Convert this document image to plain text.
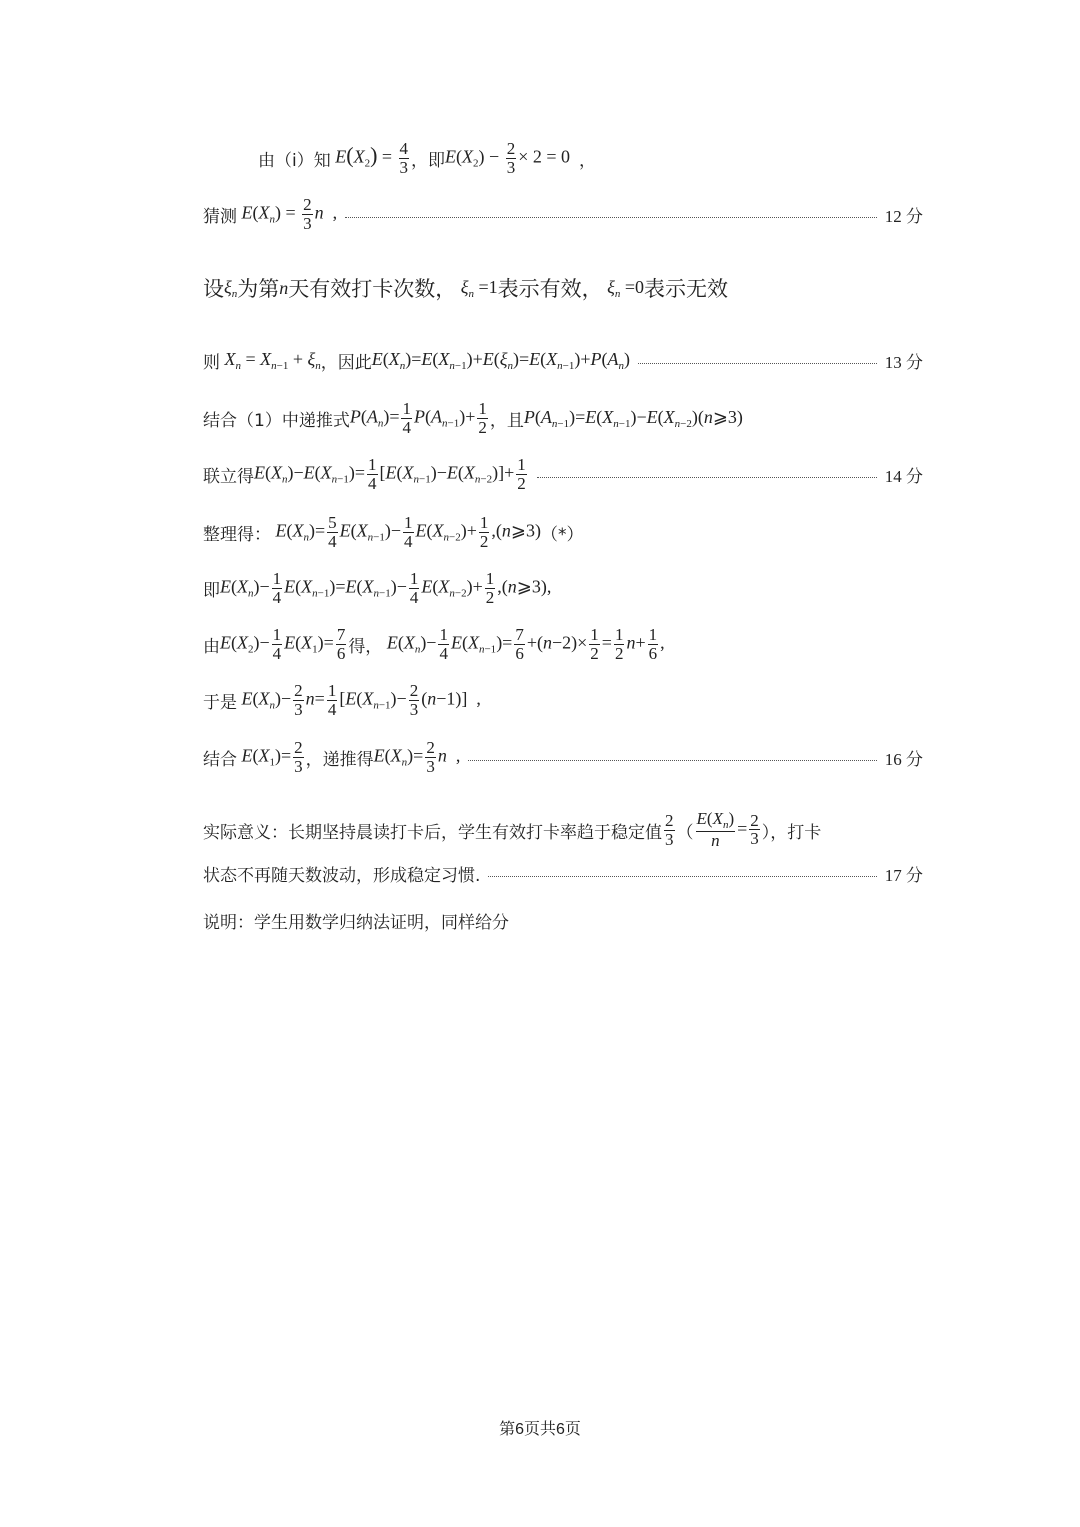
由（ⅰ）知 $E(X_2) = \frac{4}{3}$ ，即 $E(X_2) - \frac{2}{3} \times 2 = 0$ ，
猜测 $E(X_n) = \frac{2}{3}$ n  ,	12 分
设 $\xi_n$ 为第 n 天有效打卡次数， $\xi_n =1$ 表示有效， $\xi_n =0$ 表示无效
则 $X_n = X_{n-1} + \xi_n$ ，因此 $E(X_n)=E(X_{n-1})+E(\xi_n)=E(X_{n-1})+P(A_n)$	13 分
结合（1）中递推式 $P(A_n)= \frac{1}{4} P(A_{n-1})+ \frac{1}{2}$ ，且 $P(A_{n-1})=E(X_{n-1})-E(X_{n-2})(n⩾3)$
联立得 $E(X_n)-E(X_{n-1})= \frac{1}{4} [E(X_{n-1})-E(X_{n-2})]+ \frac{1}{2}$	14 分
整理得： $E(X_n)= \frac{5}{4} E(X_{n-1})- \frac{1}{4} E(X_{n-2})+ \frac{1}{2}$ ,(n⩾3) （*）
即 $E(X_n)- \frac{1}{4} E(X_{n-1})=E(X_{n-1})- \frac{1}{4} E(X_{n-2})+ \frac{1}{2}$ ,(n⩾3),
由 $E(X_2)- \frac{1}{4} E(X_1)= \frac{7}{6}$ 得， $E(X_n)- \frac{1}{4} E(X_{n-1})= \frac{7}{6} +(n-2)\times \frac{1}{2} = \frac{1}{2} n+ \frac{1}{6}$ ,
于是 $E(X_n)- \frac{2}{3} n= \frac{1}{4} [E(X_{n-1})- \frac{2}{3} (n-1)]$  ,
结合 $E(X_1)= \frac{2}{3}$ ，递推得 $E(X_n)= \frac{2}{3}$ n  ,	16 分
实际意义：长期坚持晨读打卡后，学生有效打卡率趋于稳定值 $\frac{2}{3}$ （ $\frac{E(X_n)}{n} = \frac{2}{3}$ ），打卡
状态不再随天数波动，形成稳定习惯.	17 分
说明：学生用数学归纳法证明，同样给分
第6页共6页
